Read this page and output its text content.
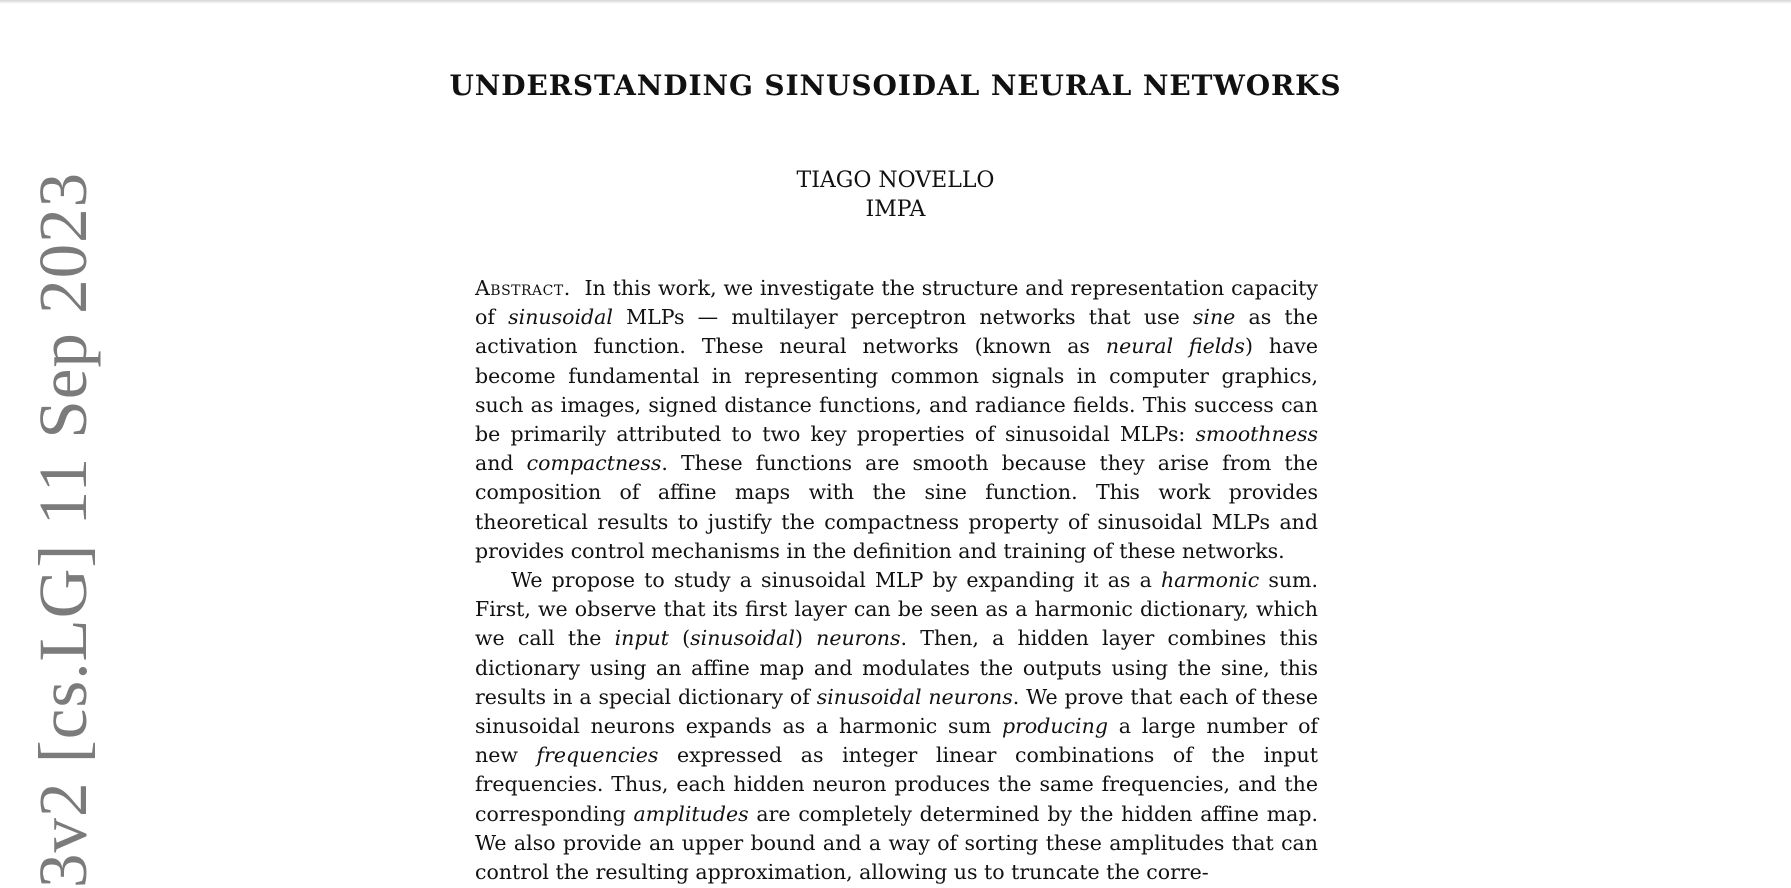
3v2 [cs.LG] 11 Sep 2023
UNDERSTANDING SINUSOIDAL NEURAL NETWORKS
TIAGO NOVELLO
IMPA

Abstract. In this work, we investigate the structure and representation capacity of sinusoidal MLPs — multilayer perceptron networks that use sine as the activation function. These neural networks (known as neural fields) have become fundamental in representing common signals in computer graphics, such as images, signed distance functions, and radiance fields. This success can be primarily attributed to two key properties of sinusoidal MLPs: smoothness and compactness. These functions are smooth because they arise from the composition of affine maps with the sine function. This work provides theoretical results to justify the compactness property of sinusoidal MLPs and provides control mechanisms in the definition and training of these networks.

We propose to study a sinusoidal MLP by expanding it as a harmonic sum. First, we observe that its first layer can be seen as a harmonic dictionary, which we call the input (sinusoidal) neurons. Then, a hidden layer combines this dictionary using an affine map and modulates the outputs using the sine, this results in a special dictionary of sinusoidal neurons. We prove that each of these sinusoidal neurons expands as a harmonic sum producing a large number of new frequencies expressed as integer linear combinations of the input frequencies. Thus, each hidden neuron produces the same frequencies, and the corresponding amplitudes are completely determined by the hidden affine map. We also provide an upper bound and a way of sorting these amplitudes that can control the resulting approximation, allowing us to truncate the corre-
